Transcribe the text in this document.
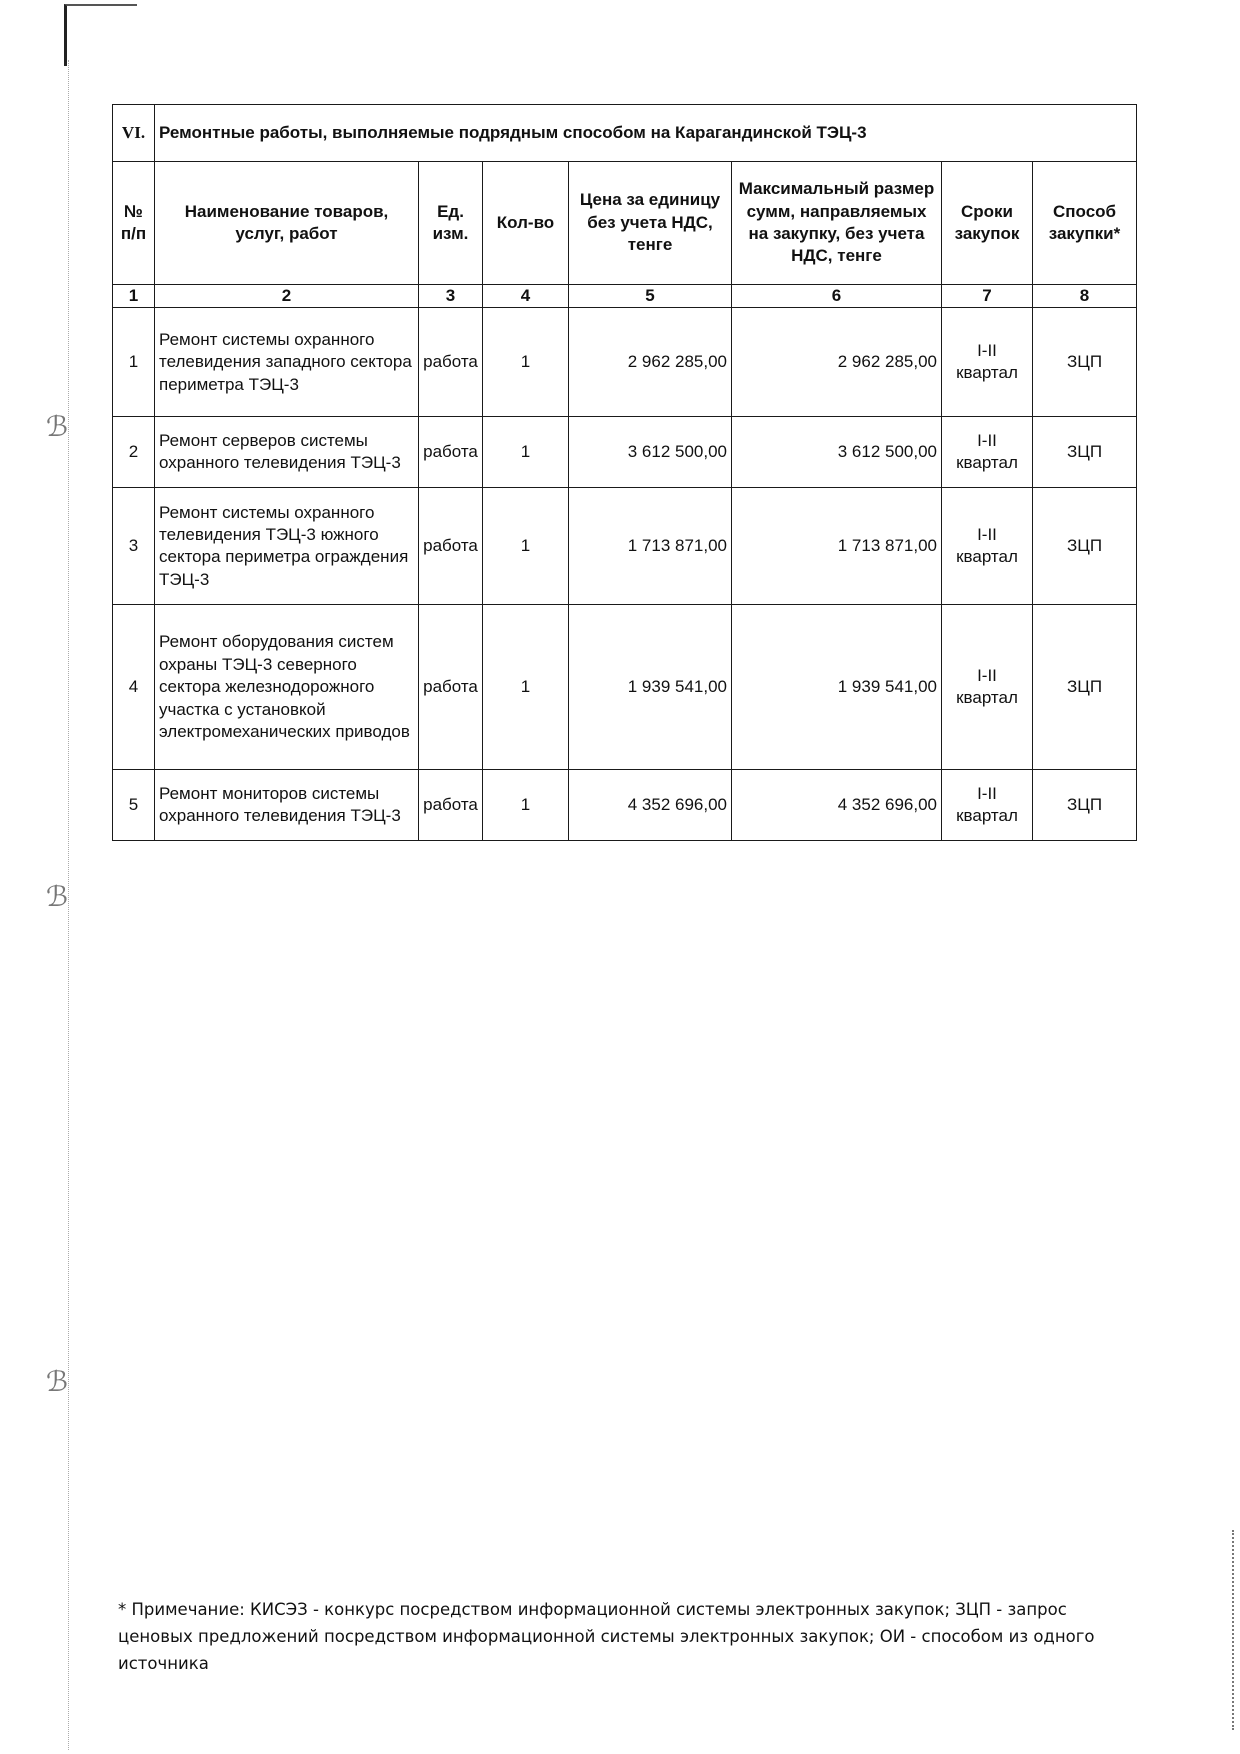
ℬ
ℬ
ℬ
VI.	Ремонтные работы, выполняемые подрядным способом на Карагандинской ТЭЦ-3						
№ п/п	Наименование товаров, услуг, работ	Ед. изм.	Кол-во	Цена за единицу без учета НДС, тенге	Максимальный размер сумм, направляемых на закупку, без учета НДС, тенге	Сроки закупок	Способ закупки*
1	2	3	4	5	6	7	8
1	Ремонт системы охранного телевидения западного сектора периметра ТЭЦ-3	работа	1	2 962 285,00	2 962 285,00	I-II квартал	ЗЦП
2	Ремонт серверов системы охранного телевидения ТЭЦ-3	работа	1	3 612 500,00	3 612 500,00	I-II квартал	ЗЦП
3	Ремонт системы охранного телевидения ТЭЦ-3 южного сектора периметра ограждения ТЭЦ-3	работа	1	1 713 871,00	1 713 871,00	I-II квартал	ЗЦП
4	Ремонт оборудования систем охраны ТЭЦ-3 северного сектора железнодорожного участка с установкой электромеханических приводов	работа	1	1 939 541,00	1 939 541,00	I-II квартал	ЗЦП
5	Ремонт мониторов системы охранного телевидения ТЭЦ-3	работа	1	4 352 696,00	4 352 696,00	I-II квартал	ЗЦП
* Примечание: КИСЭЗ - конкурс посредством информационной системы электронных закупок; ЗЦП - запрос ценовых предложений посредством информационной системы электронных закупок; ОИ - способом из одного источника
